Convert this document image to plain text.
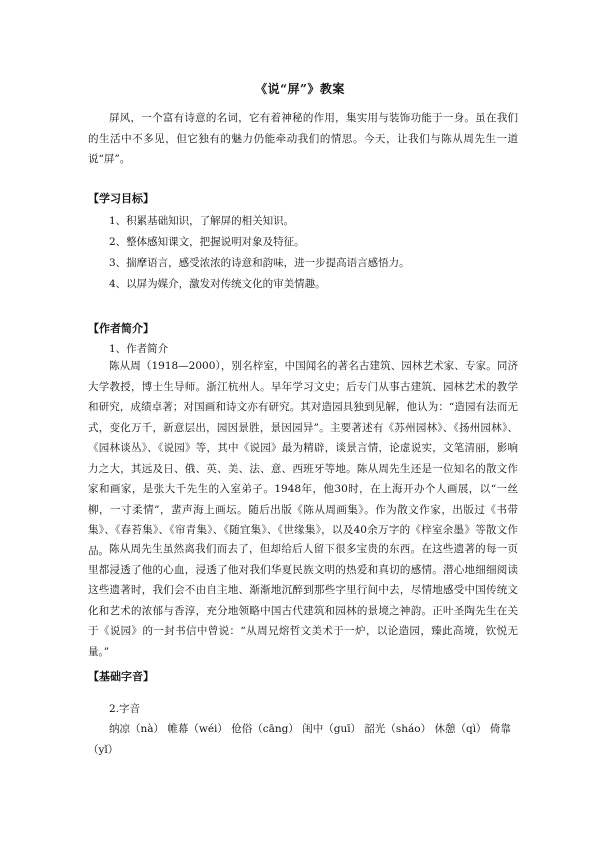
《说“屏”》教案
屏风，一个富有诗意的名词，它有着神秘的作用，集实用与装饰功能于一身。虽在我们的生活中不多见，但它独有的魅力仍能牵动我们的情思。今天，让我们与陈从周先生一道说“屏”。
【学习目标】
1、积累基础知识，了解屏的相关知识。
2、整体感知课文，把握说明对象及特征。
3、揣摩语言，感受浓浓的诗意和韵味，进一步提高语言感悟力。
4、以屏为媒介，激发对传统文化的审美情趣。
【作者简介】
1、作者简介
陈从周（1918—2000），别名梓室，中国闻名的著名古建筑、园林艺术家、专家。同济大学教授，博士生导师。浙江杭州人。早年学习文史；后专门从事古建筑、园林艺术的教学和研究，成绩卓著；对国画和诗文亦有研究。其对造园具独到见解，他认为：“造园有法而无式，变化万千，新意层出，园因景胜，景因园异”。主要著述有《苏州园林》、《扬州园林》、《园林谈丛》、《说园》等，其中《说园》最为精辟，谈景言情，论虚说实，文笔清丽，影响力之大，其远及日、俄、英、美、法、意、西班牙等地。陈从周先生还是一位知名的散文作家和画家，是张大千先生的入室弟子。1948年，他30时，在上海开办个人画展，以“一丝柳，一寸柔情”，蜚声海上画坛。随后出版《陈从周画集》。作为散文作家，出版过《书带集》、《春苔集》、《帘青集》、《随宜集》、《世缘集》，以及40余万字的《梓室余墨》等散文作品。 陈从周先生虽然离我们而去了，但却给后人留下很多宝贵的东西。在这些遗著的每一页里都浸透了他的心血，浸透了他对我们华夏民族文明的热爱和真切的感情。潜心地细细阅读这些遗著时，我们会不由自主地、渐渐地沉醉到那些字里行间中去，尽情地感受中国传统文化和艺术的浓郁与香淳，充分地领略中国古代建筑和园林的景境之神韵。正叶圣陶先生在关于《说园》的一封书信中曾说：“从周兄熔哲文美术于一炉，以论造园，臻此高境，钦悦无量。”
【基础字音】
2.字音
纳凉（nà） 帷幕（wéi） 伧俗（cāng） 闺中（guī） 韶光（sháo） 休憩（qì） 倚靠
（yǐ）
